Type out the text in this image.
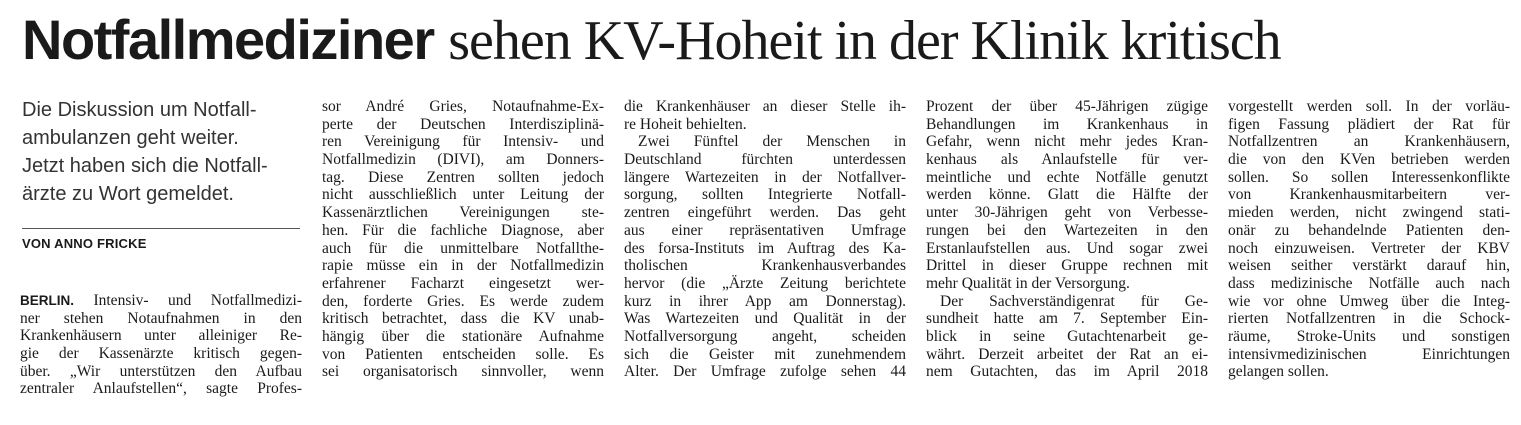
Notfallmediziner sehen KV-Hoheit in der Klinik kritisch
Die Diskussion um Notfall-
ambulanzen geht weiter.
Jetzt haben sich die Notfall-
ärzte zu Wort gemeldet.
VON ANNO FRICKE
BERLIN. Intensiv- und Notfallmedizi-
ner stehen Notaufnahmen in den
Krankenhäusern unter alleiniger Re-
gie der Kassenärzte kritisch gegen-
über. „Wir unterstützen den Aufbau
zentraler Anlaufstellen“, sagte Profes-
sor André Gries, Notaufnahme-Ex-
perte der Deutschen Interdisziplinä-
ren Vereinigung für Intensiv- und
Notfallmedizin (DIVI), am Donners-
tag. Diese Zentren sollten jedoch
nicht ausschließlich unter Leitung der
Kassenärztlichen Vereinigungen ste-
hen. Für die fachliche Diagnose, aber
auch für die unmittelbare Notfallthe-
rapie müsse ein in der Notfallmedizin
erfahrener Facharzt eingesetzt wer-
den, forderte Gries. Es werde zudem
kritisch betrachtet, dass die KV unab-
hängig über die stationäre Aufnahme
von Patienten entscheiden solle. Es
sei organisatorisch sinnvoller, wenn
die Krankenhäuser an dieser Stelle ih-
re Hoheit behielten.
Zwei Fünftel der Menschen in
Deutschland fürchten unterdessen
längere Wartezeiten in der Notfallver-
sorgung, sollten Integrierte Notfall-
zentren eingeführt werden. Das geht
aus einer repräsentativen Umfrage
des forsa-Instituts im Auftrag des Ka-
tholischen Krankenhausverbandes
hervor (die „Ärzte Zeitung berichtete
kurz in ihrer App am Donnerstag).
Was Wartezeiten und Qualität in der
Notfallversorgung angeht, scheiden
sich die Geister mit zunehmendem
Alter. Der Umfrage zufolge sehen 44
Prozent der über 45-Jährigen zügige
Behandlungen im Krankenhaus in
Gefahr, wenn nicht mehr jedes Kran-
kenhaus als Anlaufstelle für ver-
meintliche und echte Notfälle genutzt
werden könne. Glatt die Hälfte der
unter 30-Jährigen geht von Verbesse-
rungen bei den Wartezeiten in den
Erstanlaufstellen aus. Und sogar zwei
Drittel in dieser Gruppe rechnen mit
mehr Qualität in der Versorgung.
Der Sachverständigenrat für Ge-
sundheit hatte am 7. September Ein-
blick in seine Gutachtenarbeit ge-
währt. Derzeit arbeitet der Rat an ei-
nem Gutachten, das im April 2018
vorgestellt werden soll. In der vorläu-
figen Fassung plädiert der Rat für
Notfallzentren an Krankenhäusern,
die von den KVen betrieben werden
sollen. So sollen Interessenkonflikte
von Krankenhausmitarbeitern ver-
mieden werden, nicht zwingend stati-
onär zu behandelnde Patienten den-
noch einzuweisen. Vertreter der KBV
weisen seither verstärkt darauf hin,
dass medizinische Notfälle auch nach
wie vor ohne Umweg über die Integ-
rierten Notfallzentren in die Schock-
räume, Stroke-Units und sonstigen
intensivmedizinischen Einrichtungen
gelangen sollen.
